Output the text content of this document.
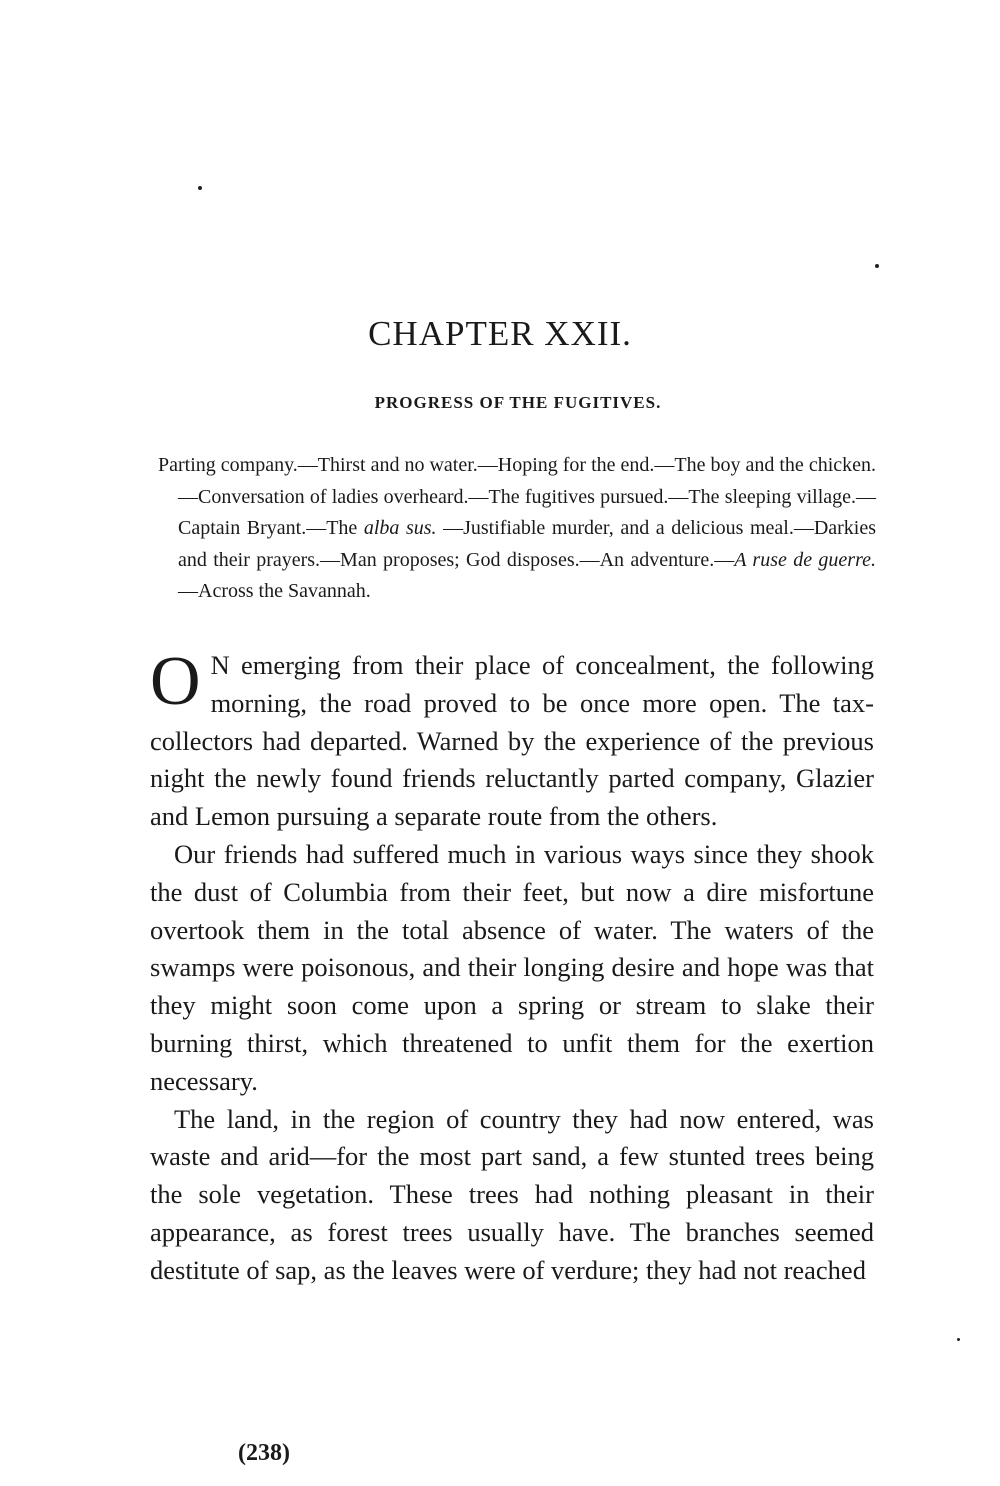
CHAPTER XXII.
PROGRESS OF THE FUGITIVES.

Parting company.—Thirst and no water.—Hoping for the end.—The boy and the chicken.—Conversation of ladies overheard.—The fugitives pursued.—The sleeping village.—Captain Bryant.—The alba sus. —Justifiable murder, and a delicious meal.—Darkies and their prayers.—Man proposes; God disposes.—An adventure.—A ruse de guerre.—Across the Savannah.

O N emerging from their place of concealment, the following morning, the road proved to be once more open. The tax-collectors had departed. Warned by the experience of the previous night the newly found friends reluctantly parted company, Glazier and Lemon pursuing a separate route from the others.

Our friends had suffered much in various ways since they shook the dust of Columbia from their feet, but now a dire misfortune overtook them in the total absence of water. The waters of the swamps were poisonous, and their longing desire and hope was that they might soon come upon a spring or stream to slake their burning thirst, which threatened to unfit them for the exertion necessary.

The land, in the region of country they had now entered, was waste and arid—for the most part sand, a few stunted trees being the sole vegetation. These trees had nothing pleasant in their appearance, as forest trees usually have. The branches seemed destitute of sap, as the leaves were of verdure; they had not reached

(238)
